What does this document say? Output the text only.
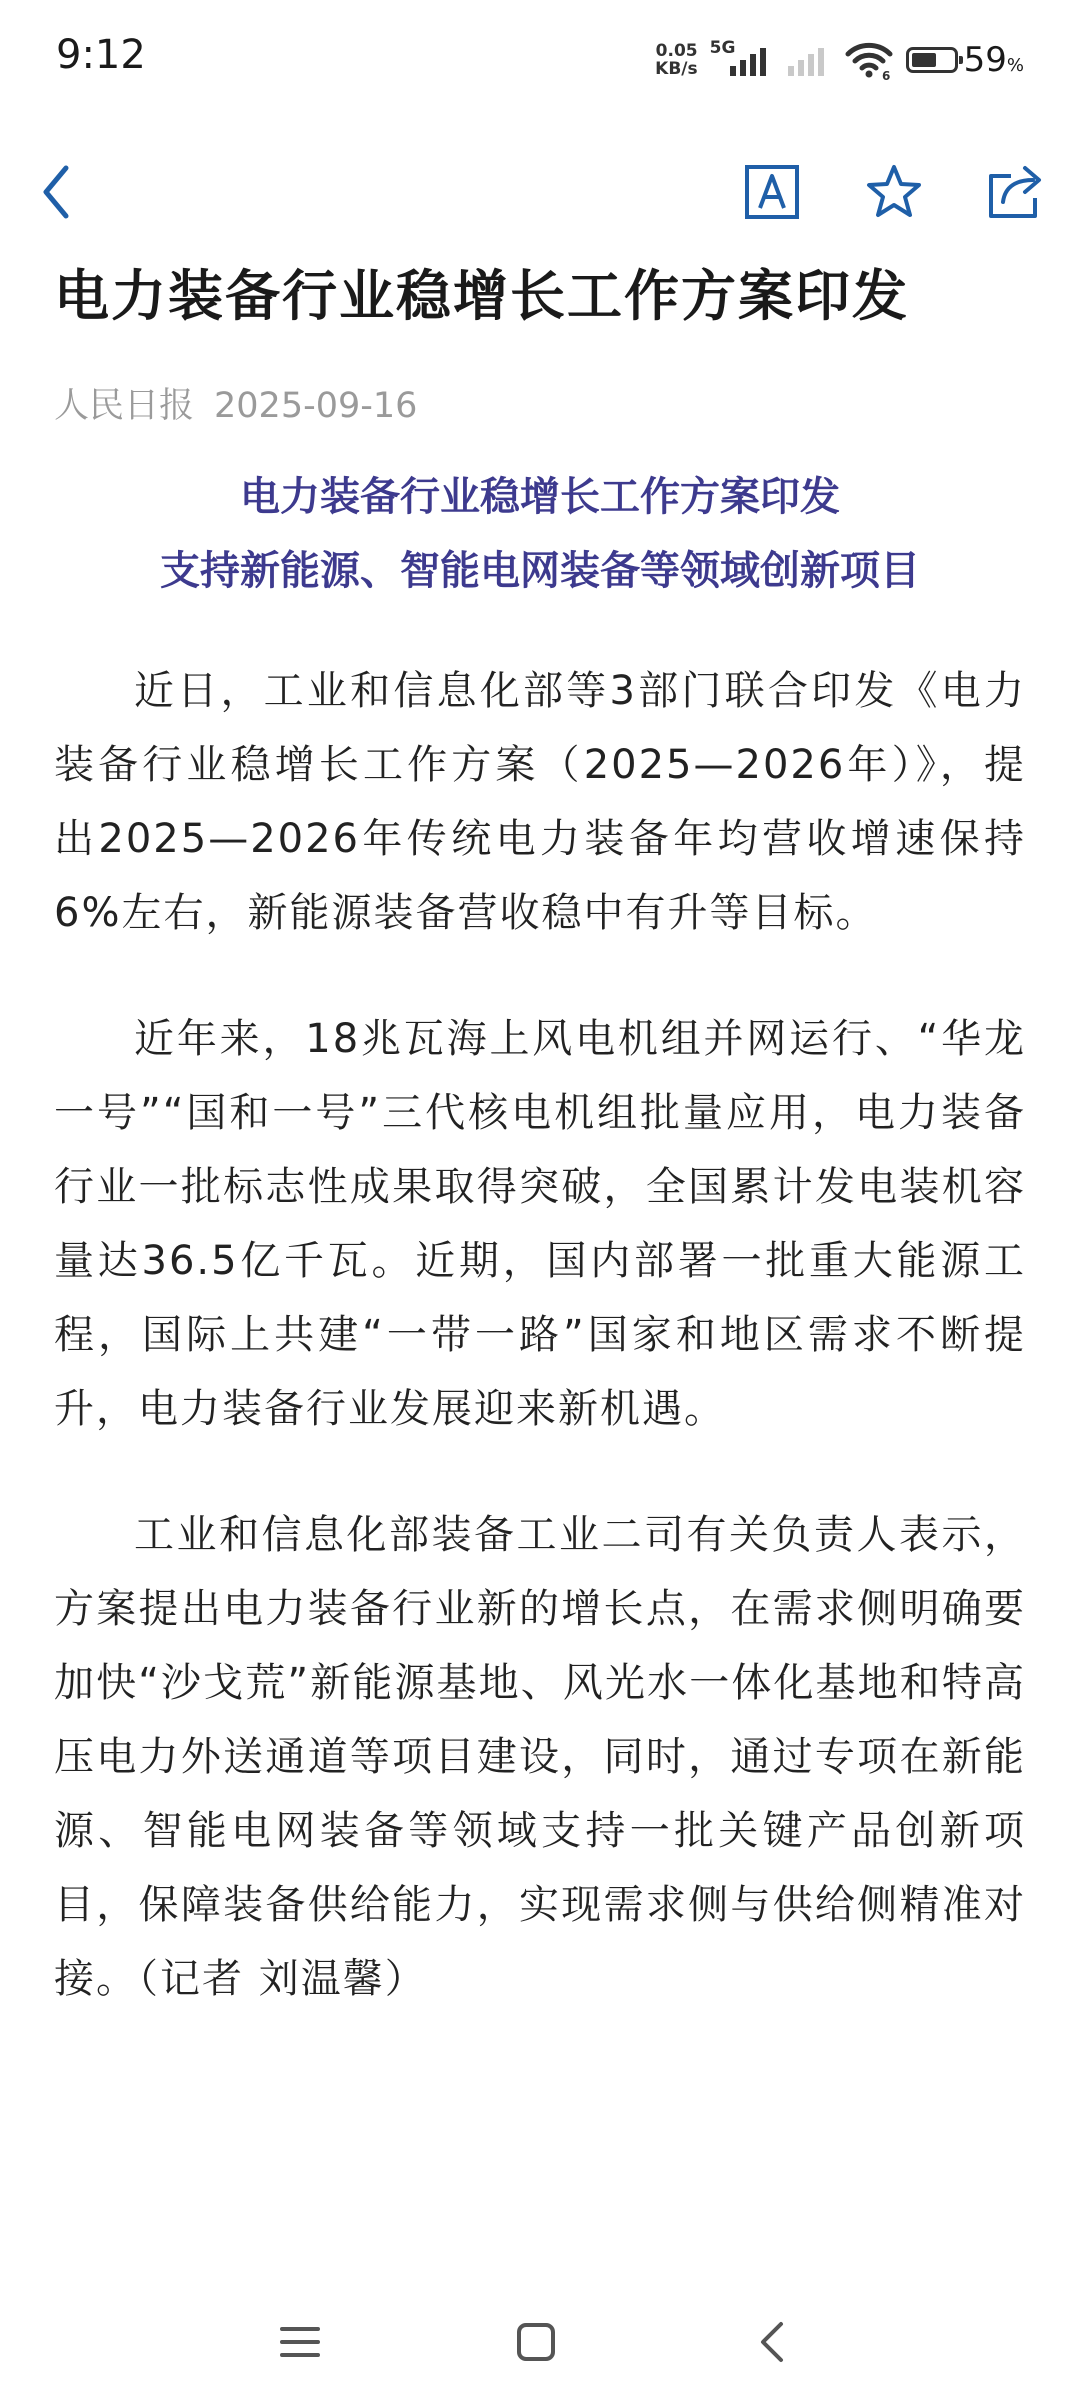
9:12	0.05
KB/s
5G
6 59%
电力装备行业稳增长工作方案印发
人民日报 2025-09-16
电力装备行业稳增长工作方案印发
支持新能源、智能电网装备等领域创新项目

近日，工业和信息化部等3部门联合印发《电力装备行业稳增长工作方案（2025—2026年）》，提出2025—2026年传统电力装备年均营收增速保持6%左右，新能源装备营收稳中有升等目标。

近年来，18兆瓦海上风电机组并网运行、“华龙一号”“国和一号”三代核电机组批量应用，电力装备行业一批标志性成果取得突破，全国累计发电装机容量达36.5亿千瓦。近期，国内部署一批重大能源工程，国际上共建“一带一路”国家和地区需求不断提升，电力装备行业发展迎来新机遇。

工业和信息化部装备工业二司有关负责人表示，方案提出电力装备行业新的增长点，在需求侧明确要加快“沙戈荒”新能源基地、风光水一体化基地和特高压电力外送通道等项目建设，同时，通过专项在新能源、智能电网装备等领域支持一批关键产品创新项目，保障装备供给能力，实现需求侧与供给侧精准对接。（记者 刘温馨）
